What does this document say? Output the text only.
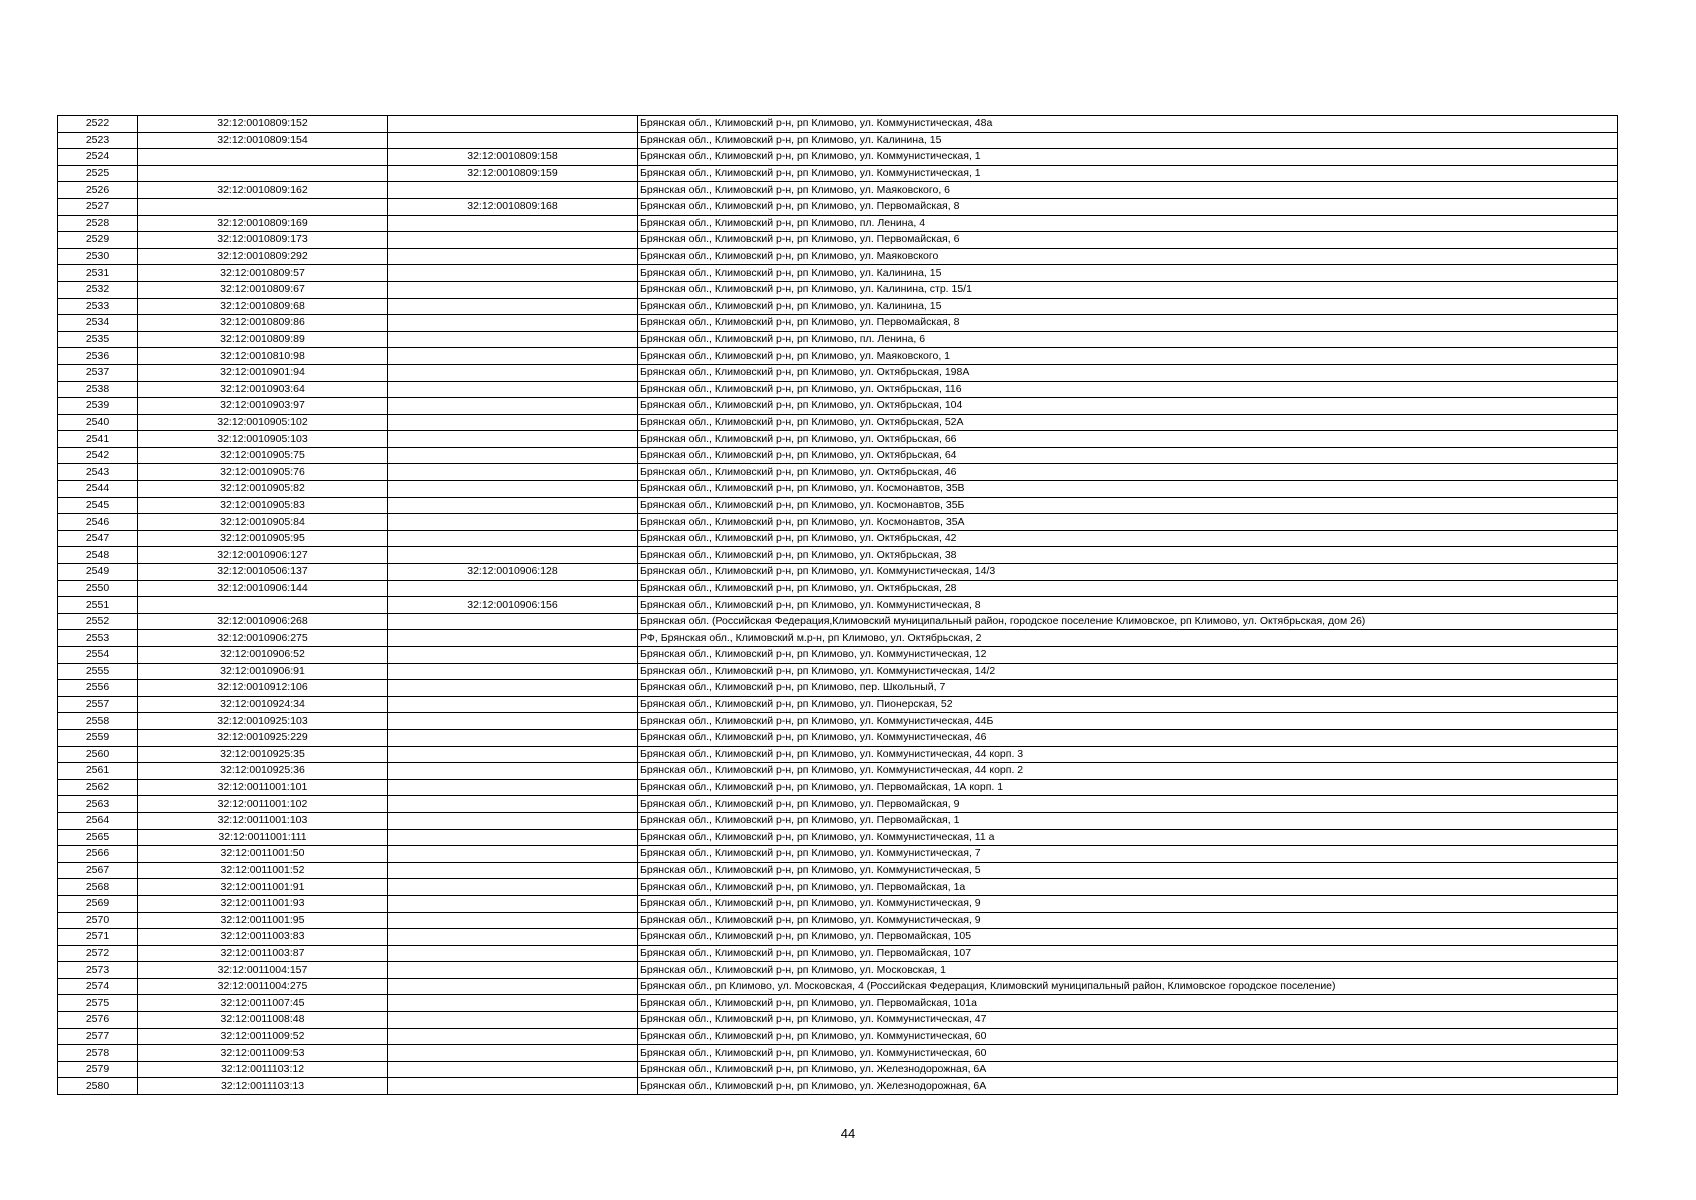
2522	32:12:0010809:152		Брянская обл., Климовский р-н, рп Климово, ул. Коммунистическая, 48а
2523	32:12:0010809:154		Брянская обл., Климовский р-н, рп Климово, ул. Калинина, 15
2524		32:12:0010809:158	Брянская обл., Климовский р-н, рп Климово, ул. Коммунистическая, 1
2525		32:12:0010809:159	Брянская обл., Климовский р-н, рп Климово, ул. Коммунистическая, 1
2526	32:12:0010809:162		Брянская обл., Климовский р-н, рп Климово, ул. Маяковского, 6
2527		32:12:0010809:168	Брянская обл., Климовский р-н, рп Климово, ул. Первомайская, 8
2528	32:12:0010809:169		Брянская обл., Климовский р-н, рп Климово, пл. Ленина, 4
2529	32:12:0010809:173		Брянская обл., Климовский р-н, рп Климово, ул. Первомайская, 6
2530	32:12:0010809:292		Брянская обл., Климовский р-н, рп Климово, ул. Маяковского
2531	32:12:0010809:57		Брянская обл., Климовский р-н, рп Климово, ул. Калинина, 15
2532	32:12:0010809:67		Брянская обл., Климовский р-н, рп Климово, ул. Калинина, стр. 15/1
2533	32:12:0010809:68		Брянская обл., Климовский р-н, рп Климово, ул. Калинина, 15
2534	32:12:0010809:86		Брянская обл., Климовский р-н, рп Климово, ул. Первомайская, 8
2535	32:12:0010809:89		Брянская обл., Климовский р-н, рп Климово, пл. Ленина, 6
2536	32:12:0010810:98		Брянская обл., Климовский р-н, рп Климово, ул. Маяковского, 1
2537	32:12:0010901:94		Брянская обл., Климовский р-н, рп Климово, ул. Октябрьская, 198А
2538	32:12:0010903:64		Брянская обл., Климовский р-н, рп Климово, ул. Октябрьская, 116
2539	32:12:0010903:97		Брянская обл., Климовский р-н, рп Климово, ул. Октябрьская, 104
2540	32:12:0010905:102		Брянская обл., Климовский р-н, рп Климово, ул. Октябрьская, 52А
2541	32:12:0010905:103		Брянская обл., Климовский р-н, рп Климово, ул. Октябрьская, 66
2542	32:12:0010905:75		Брянская обл., Климовский р-н, рп Климово, ул. Октябрьская, 64
2543	32:12:0010905:76		Брянская обл., Климовский р-н, рп Климово, ул. Октябрьская, 46
2544	32:12:0010905:82		Брянская обл., Климовский р-н, рп Климово, ул. Космонавтов, 35В
2545	32:12:0010905:83		Брянская обл., Климовский р-н, рп Климово, ул. Космонавтов, 35Б
2546	32:12:0010905:84		Брянская обл., Климовский р-н, рп Климово, ул. Космонавтов, 35А
2547	32:12:0010905:95		Брянская обл., Климовский р-н, рп Климово, ул. Октябрьская, 42
2548	32:12:0010906:127		Брянская обл., Климовский р-н, рп Климово, ул. Октябрьская, 38
2549	32:12:0010506:137	32:12:0010906:128	Брянская обл., Климовский р-н, рп Климово, ул. Коммунистическая, 14/3
2550	32:12:0010906:144		Брянская обл., Климовский р-н, рп Климово, ул. Октябрьская, 28
2551		32:12:0010906:156	Брянская обл., Климовский р-н, рп Климово, ул. Коммунистическая, 8
2552	32:12:0010906:268		Брянская обл. (Российская Федерация,Климовский муниципальный район, городское поселение Климовское, рп Климово, ул. Октябрьская, дом 26)
2553	32:12:0010906:275		РФ, Брянская обл., Климовский м.р-н, рп Климово, ул. Октябрьская, 2
2554	32:12:0010906:52		Брянская обл., Климовский р-н, рп Климово, ул. Коммунистическая, 12
2555	32:12:0010906:91		Брянская обл., Климовский р-н, рп Климово, ул. Коммунистическая, 14/2
2556	32:12:0010912:106		Брянская обл., Климовский р-н, рп Климово, пер. Школьный, 7
2557	32:12:0010924:34		Брянская обл., Климовский р-н, рп Климово, ул. Пионерская, 52
2558	32:12:0010925:103		Брянская обл., Климовский р-н, рп Климово, ул. Коммунистическая, 44Б
2559	32:12:0010925:229		Брянская обл., Климовский р-н, рп Климово, ул. Коммунистическая, 46
2560	32:12:0010925:35		Брянская обл., Климовский р-н, рп Климово, ул. Коммунистическая, 44 корп. 3
2561	32:12:0010925:36		Брянская обл., Климовский р-н, рп Климово, ул. Коммунистическая, 44 корп. 2
2562	32:12:0011001:101		Брянская обл., Климовский р-н, рп Климово, ул. Первомайская, 1А корп. 1
2563	32:12:0011001:102		Брянская обл., Климовский р-н, рп Климово, ул. Первомайская, 9
2564	32:12:0011001:103		Брянская обл., Климовский р-н, рп Климово, ул. Первомайская, 1
2565	32:12:0011001:111		Брянская обл., Климовский р-н, рп Климово, ул. Коммунистическая, 11 а
2566	32:12:0011001:50		Брянская обл., Климовский р-н, рп Климово, ул. Коммунистическая, 7
2567	32:12:0011001:52		Брянская обл., Климовский р-н, рп Климово, ул. Коммунистическая, 5
2568	32:12:0011001:91		Брянская обл., Климовский р-н, рп Климово, ул. Первомайская, 1а
2569	32:12:0011001:93		Брянская обл., Климовский р-н, рп Климово, ул. Коммунистическая, 9
2570	32:12:0011001:95		Брянская обл., Климовский р-н, рп Климово, ул. Коммунистическая, 9
2571	32:12:0011003:83		Брянская обл., Климовский р-н, рп Климово, ул. Первомайская, 105
2572	32:12:0011003:87		Брянская обл., Климовский р-н, рп Климово, ул. Первомайская, 107
2573	32:12:0011004:157		Брянская обл., Климовский р-н, рп Климово, ул. Московская, 1
2574	32:12:0011004:275		Брянская обл., рп Климово, ул. Московская, 4 (Российская Федерация, Климовский муниципальный район, Климовское городское поселение)
2575	32:12:0011007:45		Брянская обл., Климовский р-н, рп Климово, ул. Первомайская, 101а
2576	32:12:0011008:48		Брянская обл., Климовский р-н, рп Климово, ул. Коммунистическая, 47
2577	32:12:0011009:52		Брянская обл., Климовский р-н, рп Климово, ул. Коммунистическая, 60
2578	32:12:0011009:53		Брянская обл., Климовский р-н, рп Климово, ул. Коммунистическая, 60
2579	32:12:0011103:12		Брянская обл., Климовский р-н, рп Климово, ул. Железнодорожная, 6А
2580	32:12:0011103:13		Брянская обл., Климовский р-н, рп Климово, ул. Железнодорожная, 6А
44
